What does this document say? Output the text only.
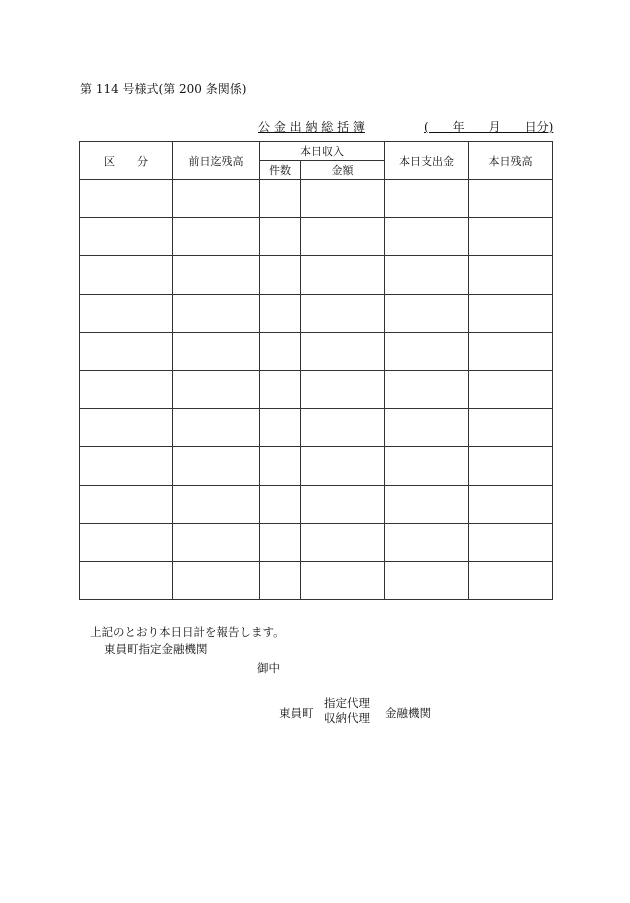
第 114 号様式(第 200 条関係)
公 金 出 納 総 括 簿	(　　年　　月　　日分)
区　　分	前日迄残高	本日収入		本日支出金	本日残高
		件数	金額		

上記のとおり本日日計を報告します。
東員町指定金融機関
御中
東員町
指定代理
収納代理 金融機関
